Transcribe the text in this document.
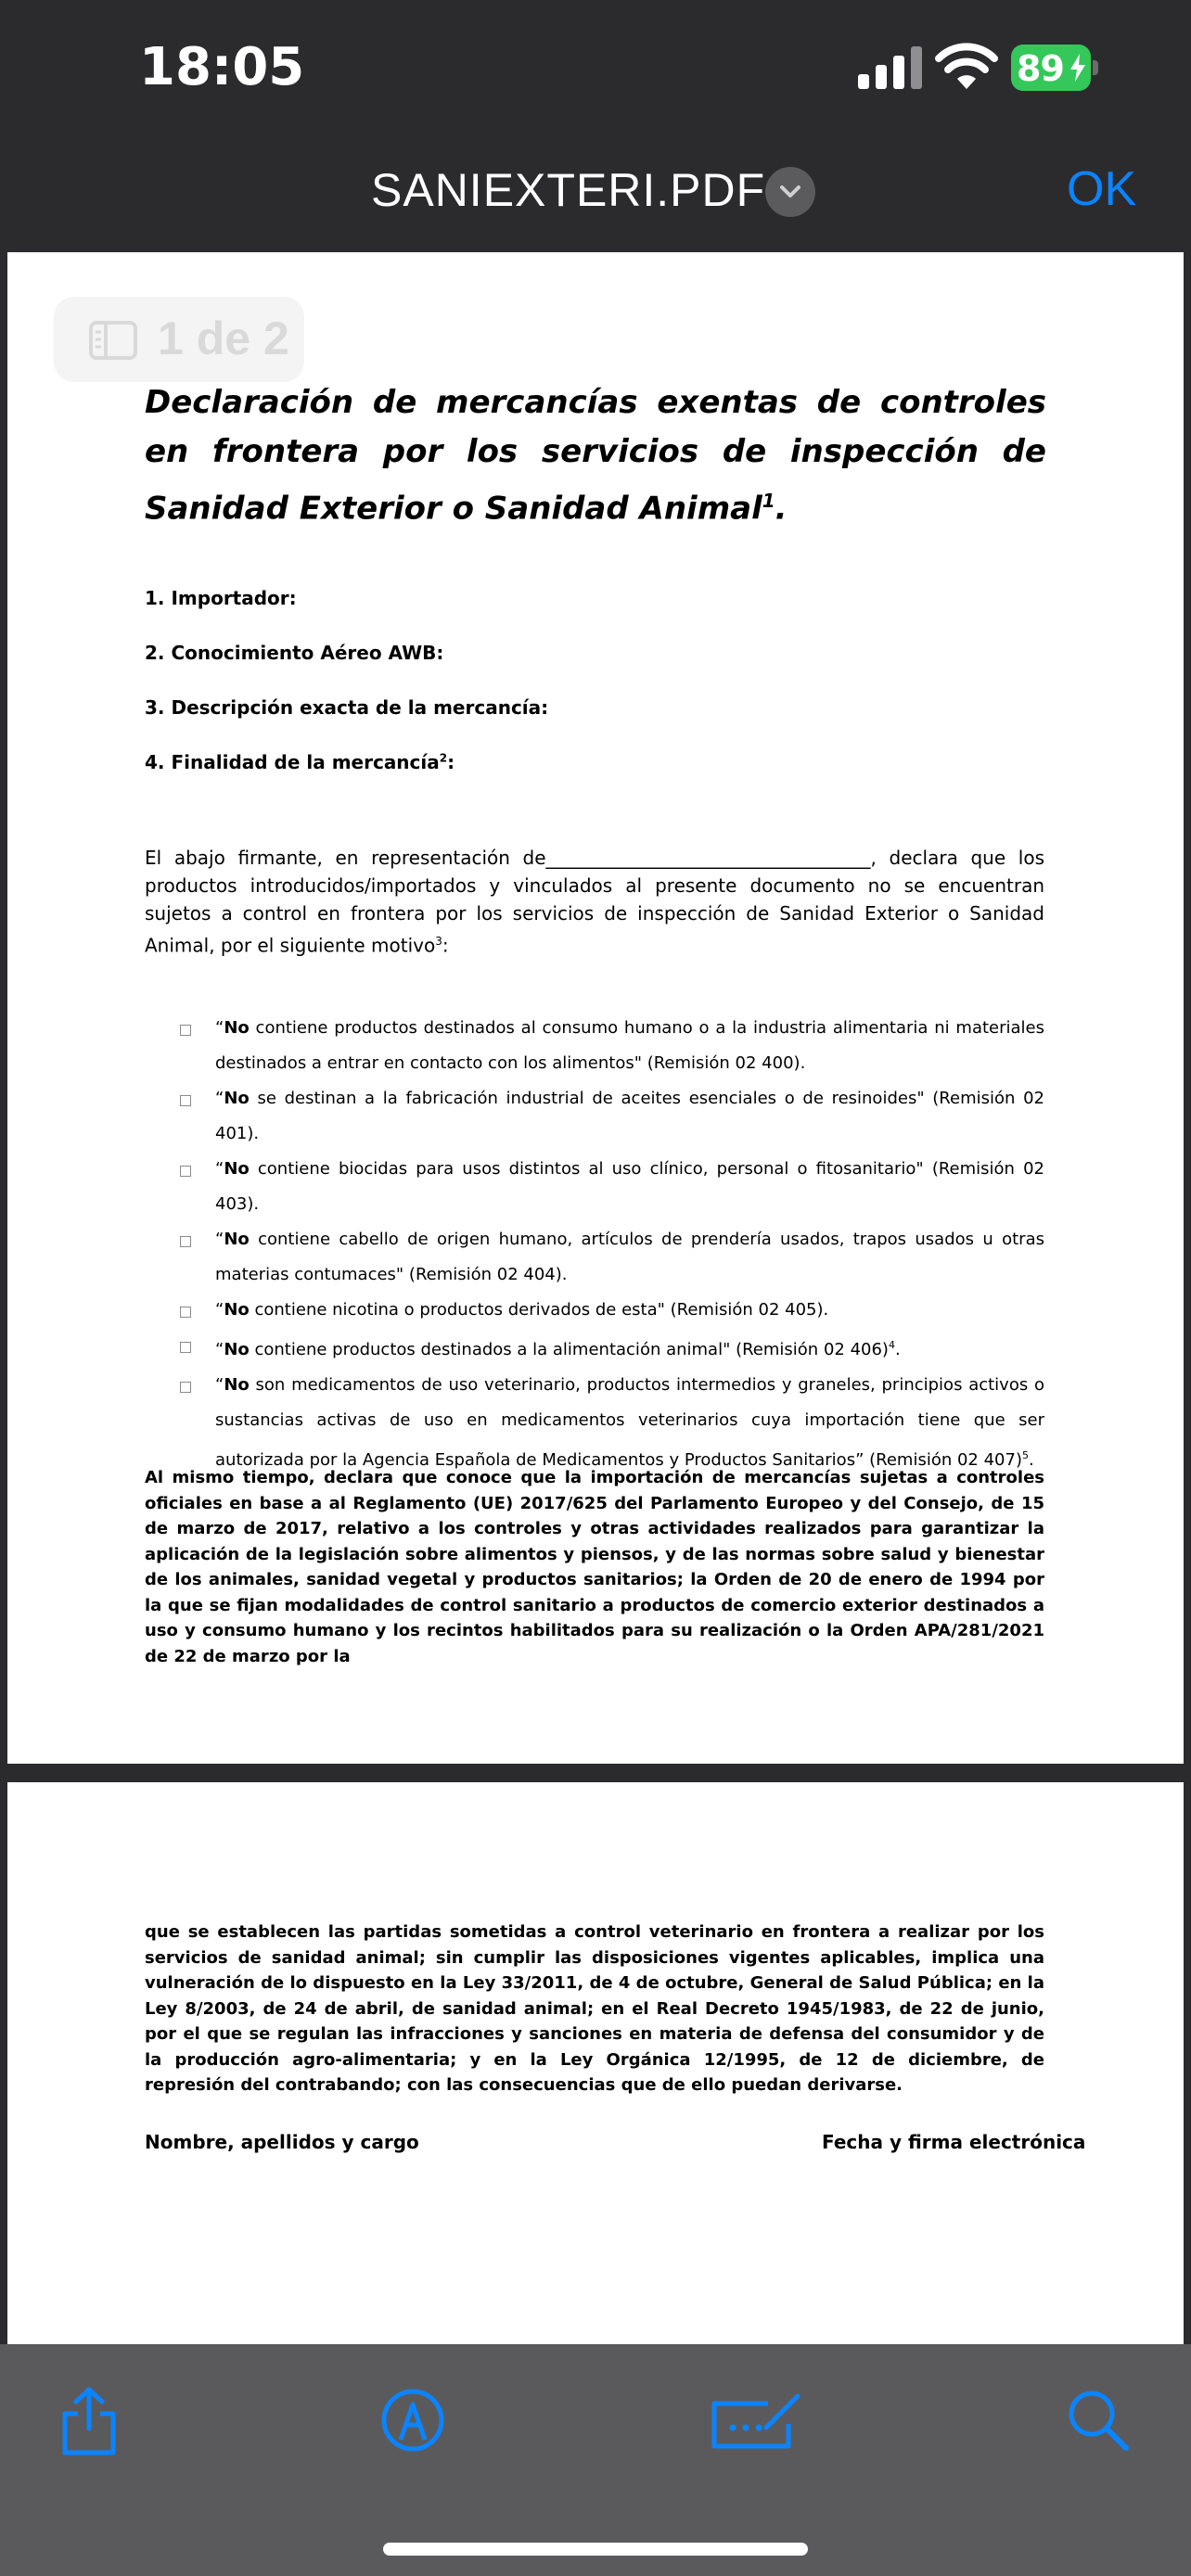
18:05	89
SANIEXTERI.PDF	OK
1 de 2
Declaración de mercancías exentas de controles en frontera por los servicios de inspección de Sanidad Exterior o Sanidad Animal$^1$.
1. Importador:
2. Conocimiento Aéreo AWB:
3. Descripción exacta de la mercancía:
4. Finalidad de la mercancía$^2$:
El abajo firmante, en representación de___________________________________, declara que los productos introducidos/importados y vinculados al presente documento no se encuentran sujetos a control en frontera por los servicios de inspección de Sanidad Exterior o Sanidad Animal, por el siguiente motivo$^3$:
“No contiene productos destinados al consumo humano o a la industria alimentaria ni materiales destinados a entrar en contacto con los alimentos" (Remisión 02 400).
“No se destinan a la fabricación industrial de aceites esenciales o de resinoides" (Remisión 02 401).
“No contiene biocidas para usos distintos al uso clínico, personal o fitosanitario" (Remisión 02 403).
“No contiene cabello de origen humano, artículos de prendería usados, trapos usados u otras materias contumaces" (Remisión 02 404).
“No contiene nicotina o productos derivados de esta" (Remisión 02 405).
“No contiene productos destinados a la alimentación animal" (Remisión 02 406)$^4$.
“No son medicamentos de uso veterinario, productos intermedios y graneles, principios activos o sustancias activas de uso en medicamentos veterinarios cuya importación tiene que ser autorizada por la Agencia Española de Medicamentos y Productos Sanitarios” (Remisión 02 407)$^5$.
Al mismo tiempo, declara que conoce que la importación de mercancías sujetas a controles oficiales en base a al Reglamento (UE) 2017/625 del Parlamento Europeo y del Consejo, de 15 de marzo de 2017, relativo a los controles y otras actividades realizados para garantizar la aplicación de la legislación sobre alimentos y piensos, y de las normas sobre salud y bienestar de los animales, sanidad vegetal y productos sanitarios; la Orden de 20 de enero de 1994 por la que se fijan modalidades de control sanitario a productos de comercio exterior destinados a uso y consumo humano y los recintos habilitados para su realización o la Orden APA/281/2021 de 22 de marzo por la
que se establecen las partidas sometidas a control veterinario en frontera a realizar por los servicios de sanidad animal; sin cumplir las disposiciones vigentes aplicables, implica una vulneración de lo dispuesto en la Ley 33/2011, de 4 de octubre, General de Salud Pública; en la Ley 8/2003, de 24 de abril, de sanidad animal; en el Real Decreto 1945/1983, de 22 de junio, por el que se regulan las infracciones y sanciones en materia de defensa del consumidor y de la producción agro-alimentaria; y en la Ley Orgánica 12/1995, de 12 de diciembre, de represión del contrabando; con las consecuencias que de ello puedan derivarse.
Nombre, apellidos y cargo	Fecha y firma electrónica
